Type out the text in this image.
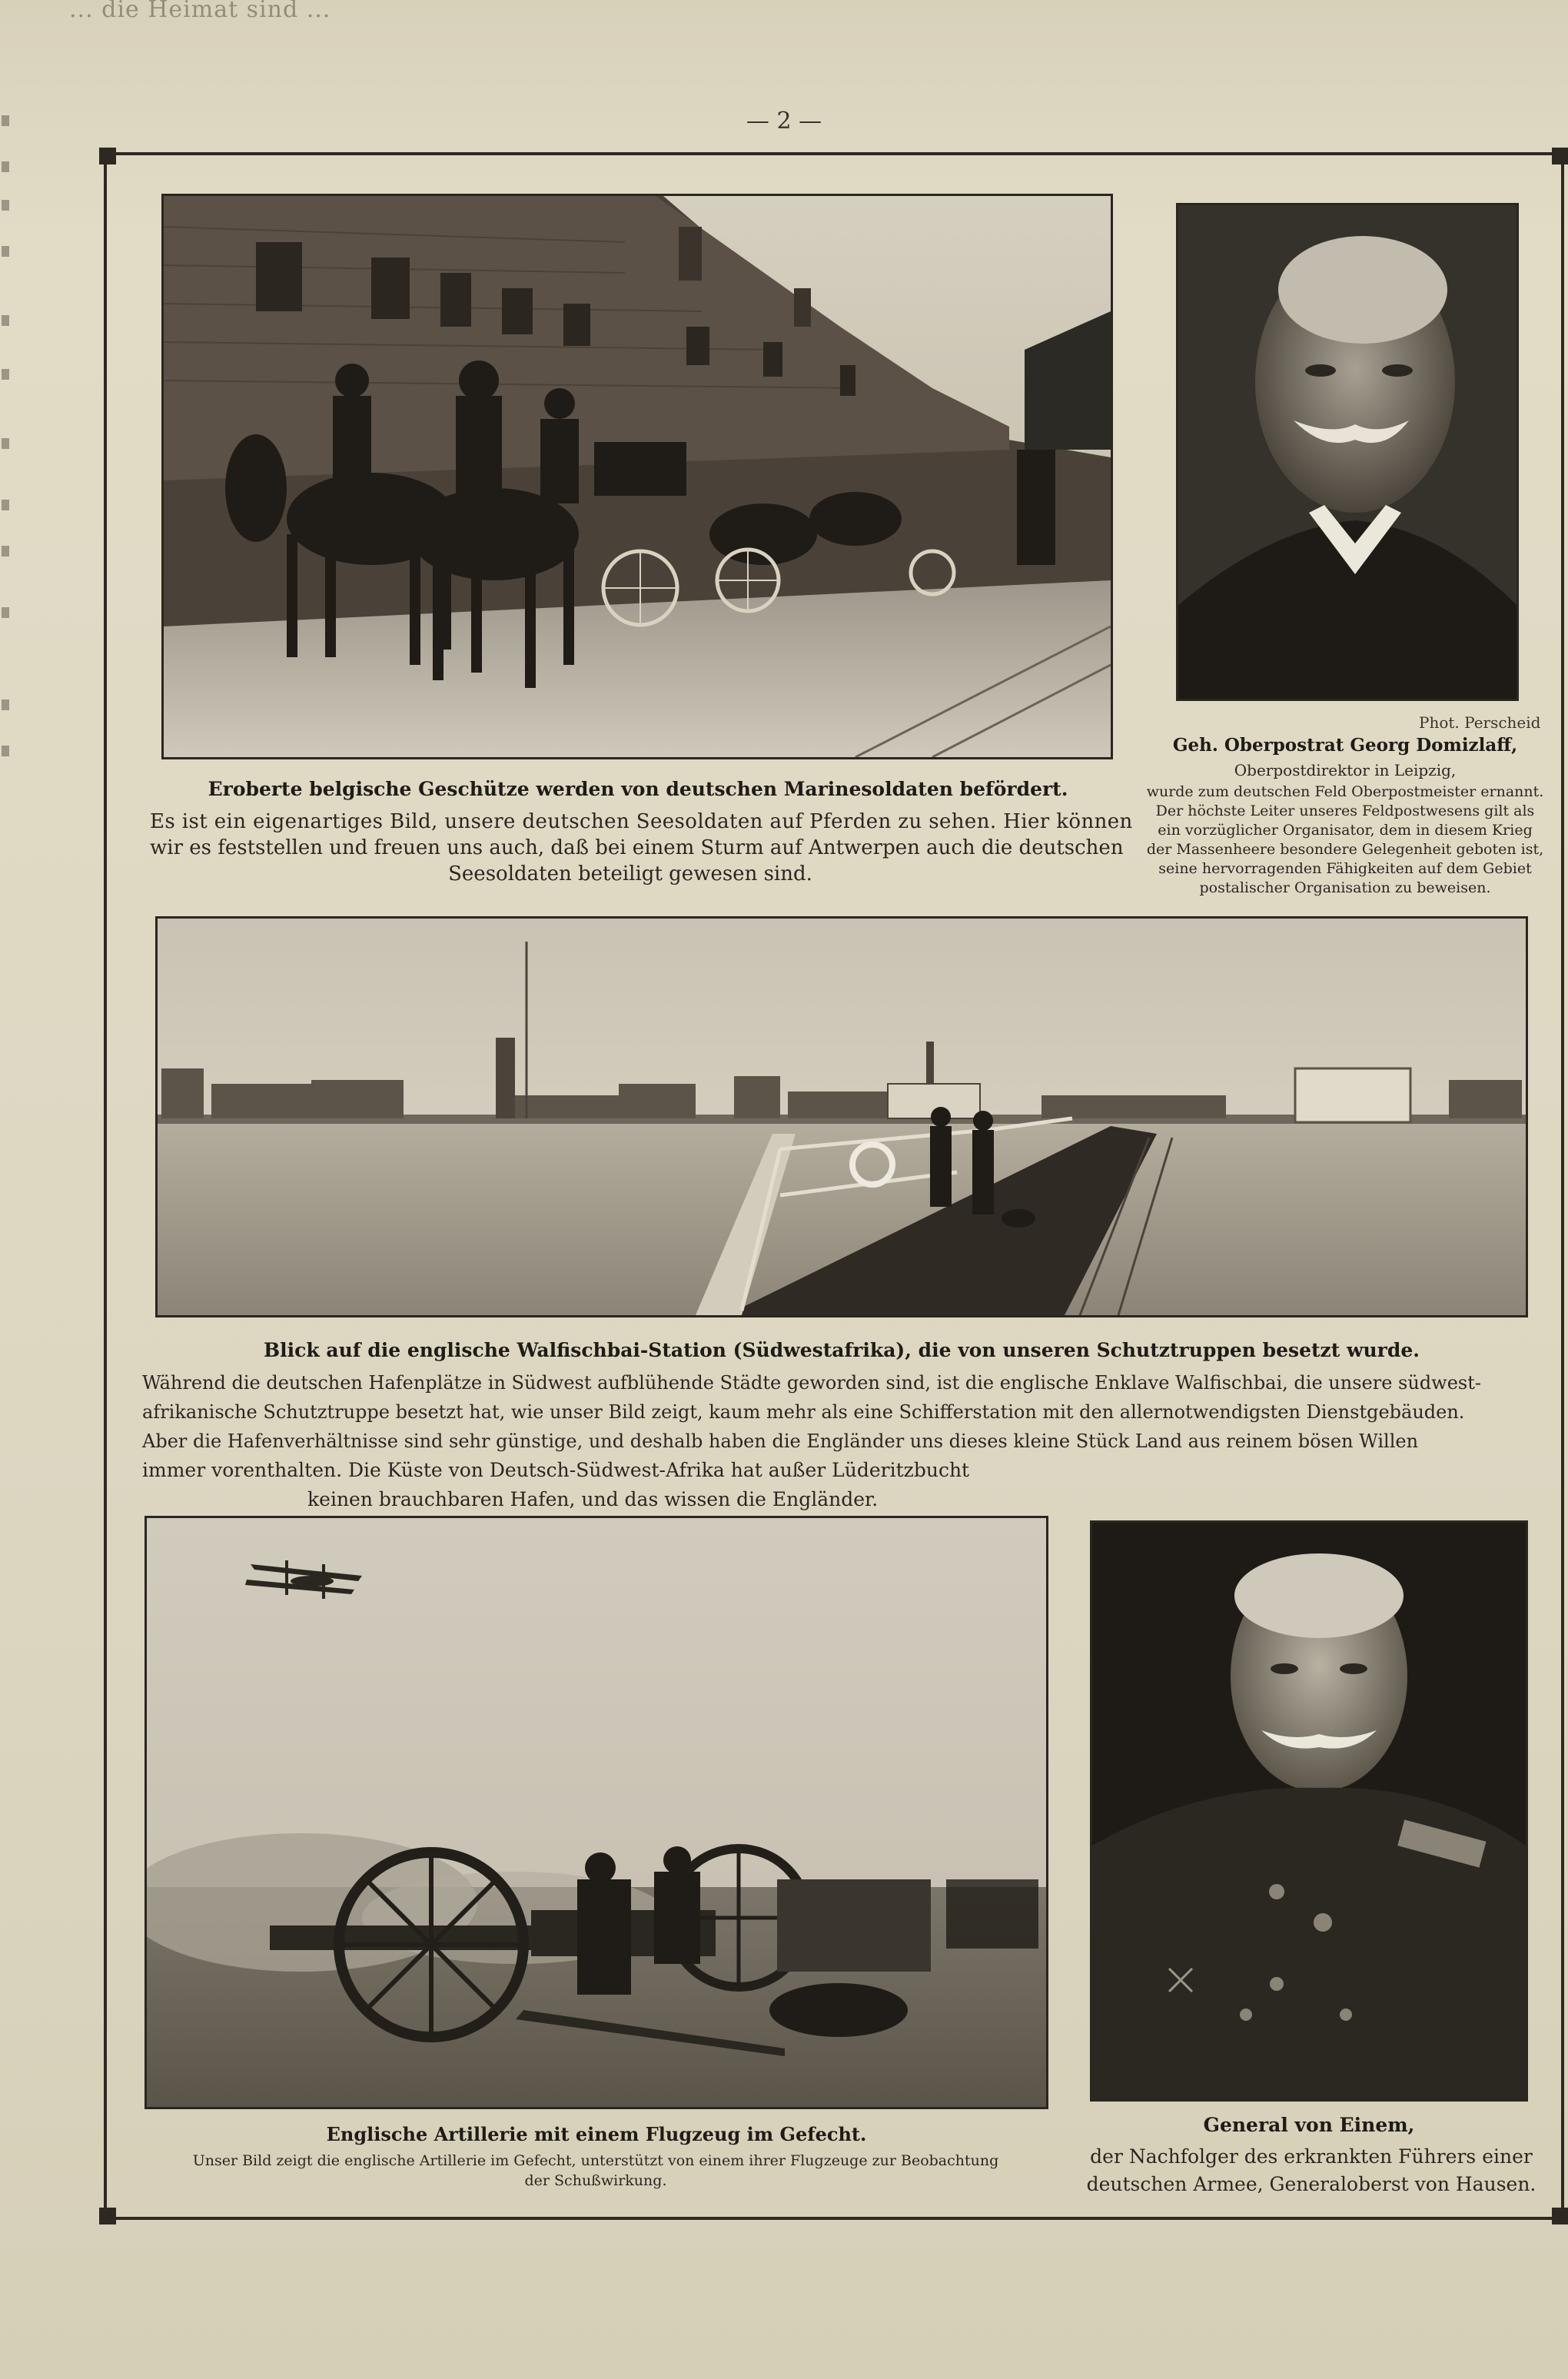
... die Heimat sind ...
— 2 —
Eroberte belgische Geschütze werden von deutschen Marinesoldaten befördert.
Es ist ein eigenartiges Bild, unsere deutschen Seesoldaten auf Pferden zu sehen. Hier können
wir es feststellen und freuen uns auch, daß bei einem Sturm auf Antwerpen auch die deutschen
Seesoldaten beteiligt gewesen sind.
Phot. Perscheid
Geh. Oberpostrat Georg Domizlaff,
Oberpostdirektor in Leipzig,
wurde zum deutschen Feld Oberpostmeister ernannt.
Der höchste Leiter unseres Feldpostwesens gilt als
ein vorzüglicher Organisator, dem in diesem Krieg
der Massenheere besondere Gelegenheit geboten ist,
seine hervorragenden Fähigkeiten auf dem Gebiet
postalischer Organisation zu beweisen.
Blick auf die englische Walfischbai-Station (Südwestafrika), die von unseren Schutztruppen besetzt wurde.
Während die deutschen Hafenplätze in Südwest aufblühende Städte geworden sind, ist die englische Enklave Walfischbai, die unsere südwest-
afrikanische Schutztruppe besetzt hat, wie unser Bild zeigt, kaum mehr als eine Schifferstation mit den allernotwendigsten Dienstgebäuden.
Aber die Hafenverhältnisse sind sehr günstige, und deshalb haben die Engländer uns dieses kleine Stück Land aus reinem bösen Willen
immer vorenthalten. Die Küste von Deutsch-Südwest-Afrika hat außer Lüderitzbucht
keinen brauchbaren Hafen, und das wissen die Engländer.
Englische Artillerie mit einem Flugzeug im Gefecht.
Unser Bild zeigt die englische Artillerie im Gefecht, unterstützt von einem ihrer Flugzeuge zur Beobachtung
der Schußwirkung.
General von Einem,
der Nachfolger des erkrankten Führers einer
deutschen Armee, Generaloberst von Hausen.
